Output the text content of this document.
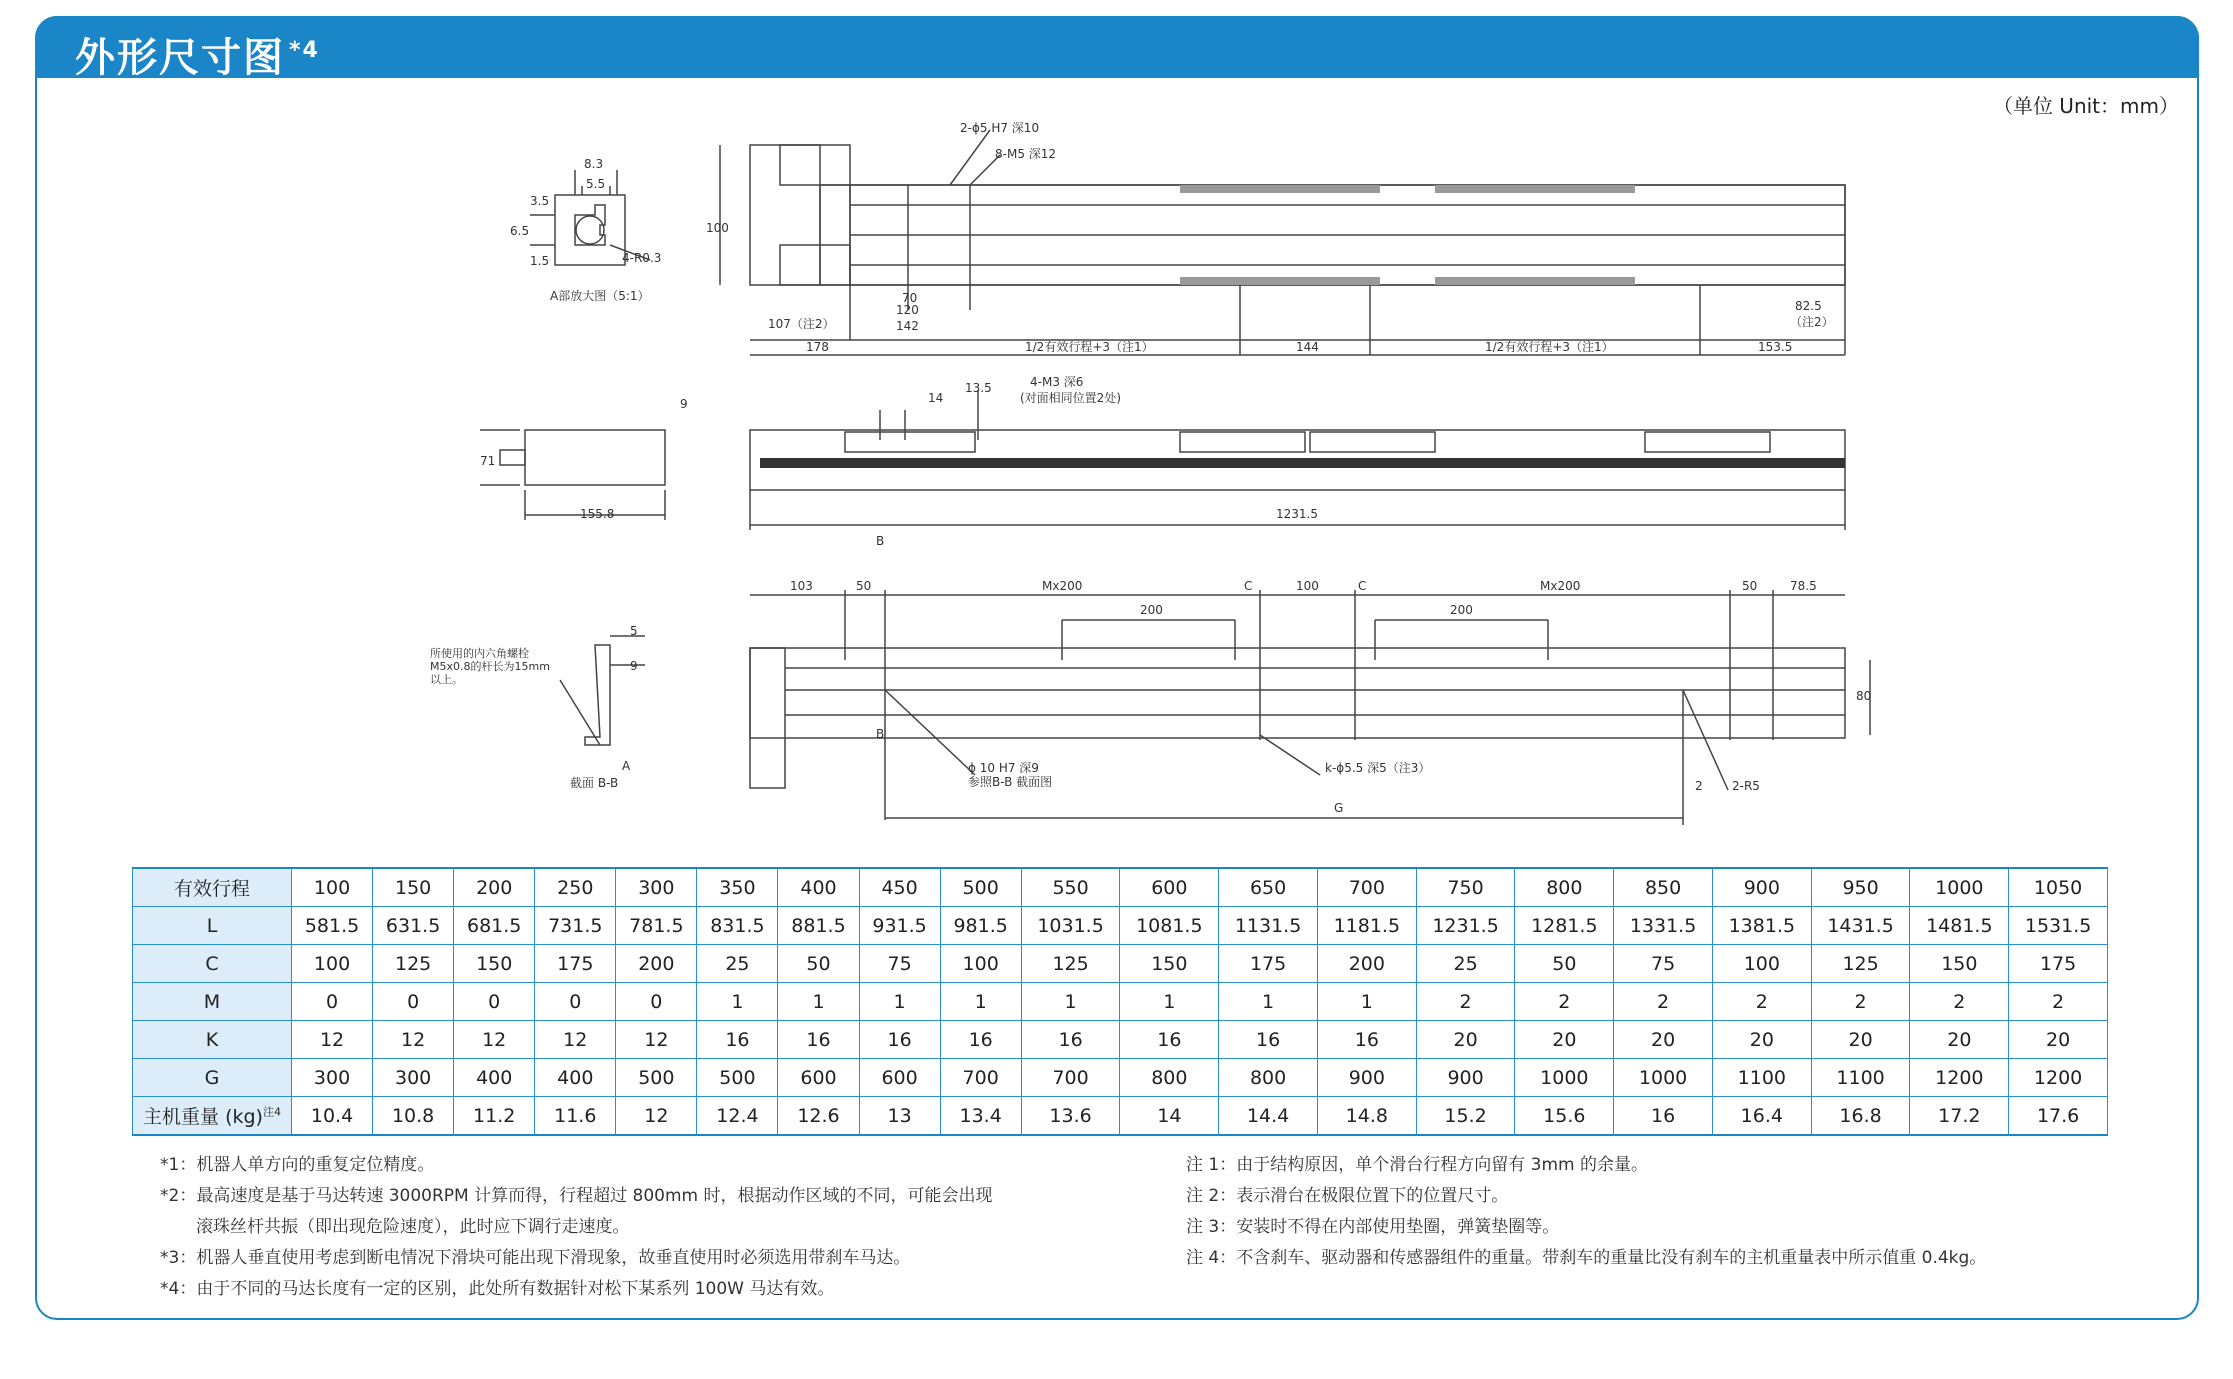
外形尺寸图 $^{*4}$
（单位 Unit：mm）
8.3
5.5
3.5
6.5
1.5	4-R0.3
A部放大图（5:1）
2-ϕ5 H7 深10
8-M5 深12
100
70
120
142
107（注2）
82.5
（注2）
178	1/2有效行程+3（注1）	144	1/2有效行程+3（注1）	153.5
14
13.5	4-M3 深6
(对面相同位置2处)
9
71
155.8	1231.5
B
103	50	Mx200	C	100	C	Mx200	50	78.5
200	200
80
ϕ 10 H7 深9
参照B-B 截面图
k-ϕ5.5 深5（注3）
2 2-R5
G
B
所使用的内六角螺栓
M5x0.8的杆长为15mm
以上。
5
9
A
截面 B-B
有效行程	100	150	200	250	300	350	400	450	500	550	600	650	700	750	800	850	900	950	1000	1050
L	581.5	631.5	681.5	731.5	781.5	831.5	881.5	931.5	981.5	1031.5	1081.5	1131.5	1181.5	1231.5	1281.5	1331.5	1381.5	1431.5	1481.5	1531.5
C	100	125	150	175	200	25	50	75	100	125	150	175	200	25	50	75	100	125	150	175
M	0	0	0	0	0	1	1	1	1	1	1	1	1	2	2	2	2	2	2	2
K	12	12	12	12	12	16	16	16	16	16	16	16	16	20	20	20	20	20	20	20
G	300	300	400	400	500	500	600	600	700	700	800	800	900	900	1000	1000	1100	1100	1200	1200
主机重量 (kg)$^{注4}$	10.4	10.8	11.2	11.6	12	12.4	12.6	13	13.4	13.6	14	14.4	14.8	15.2	15.6	16	16.4	16.8	17.2	17.6
*1：机器人单方向的重复定位精度。
*2：最高速度是基于马达转速 3000RPM 计算而得，行程超过 800mm 时，根据动作区域的不同，可能会出现
滚珠丝杆共振（即出现危险速度），此时应下调行走速度。
*3：机器人垂直使用考虑到断电情况下滑块可能出现下滑现象，故垂直使用时必须选用带刹车马达。
*4：由于不同的马达长度有一定的区别，此处所有数据针对松下某系列 100W 马达有效。
注 1：由于结构原因，单个滑台行程方向留有 3mm 的余量。
注 2：表示滑台在极限位置下的位置尺寸。
注 3：安装时不得在内部使用垫圈，弹簧垫圈等。
注 4：不含刹车、驱动器和传感器组件的重量。带刹车的重量比没有刹车的主机重量表中所示值重 0.4kg。
